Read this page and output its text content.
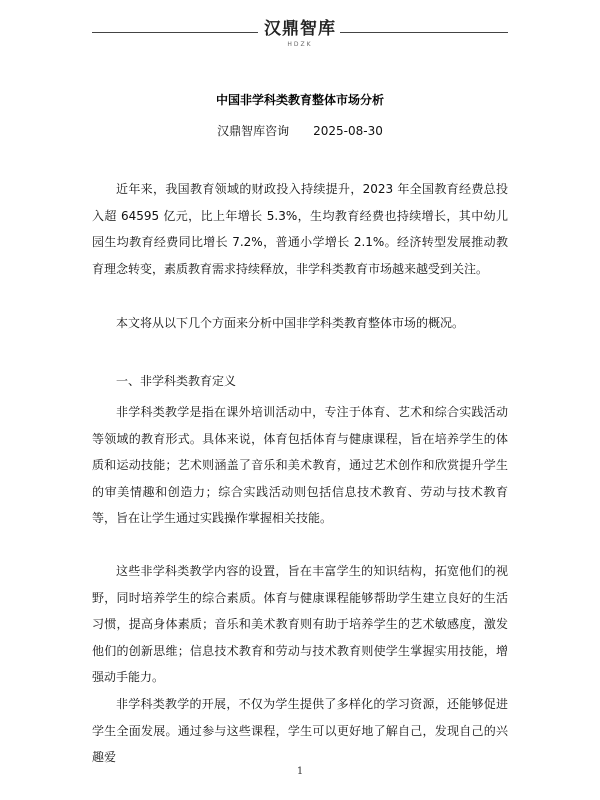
汉鼎智库
HDZK
中国非学科类教育整体市场分析
汉鼎智库咨询 2025-08-30

近年来，我国教育领域的财政投入持续提升，2023 年全国教育经费总投入超 64595 亿元，比上年增长 5.3%，生均教育经费也持续增长，其中幼儿园生均教育经费同比增长 7.2%，普通小学增长 2.1%。经济转型发展推动教育理念转变，素质教育需求持续释放，非学科类教育市场越来越受到关注。

本文将从以下几个方面来分析中国非学科类教育整体市场的概况。

一、非学科类教育定义

非学科类教学是指在课外培训活动中，专注于体育、艺术和综合实践活动等领域的教育形式。具体来说，体育包括体育与健康课程，旨在培养学生的体质和运动技能；艺术则涵盖了音乐和美术教育，通过艺术创作和欣赏提升学生的审美情趣和创造力；综合实践活动则包括信息技术教育、劳动与技术教育等，旨在让学生通过实践操作掌握相关技能。

这些非学科类教学内容的设置，旨在丰富学生的知识结构，拓宽他们的视野，同时培养学生的综合素质。体育与健康课程能够帮助学生建立良好的生活习惯，提高身体素质；音乐和美术教育则有助于培养学生的艺术敏感度，激发他们的创新思维；信息技术教育和劳动与技术教育则使学生掌握实用技能，增强动手能力。

非学科类教学的开展，不仅为学生提供了多样化的学习资源，还能够促进学生全面发展。通过参与这些课程，学生可以更好地了解自己，发现自己的兴趣爱

1
